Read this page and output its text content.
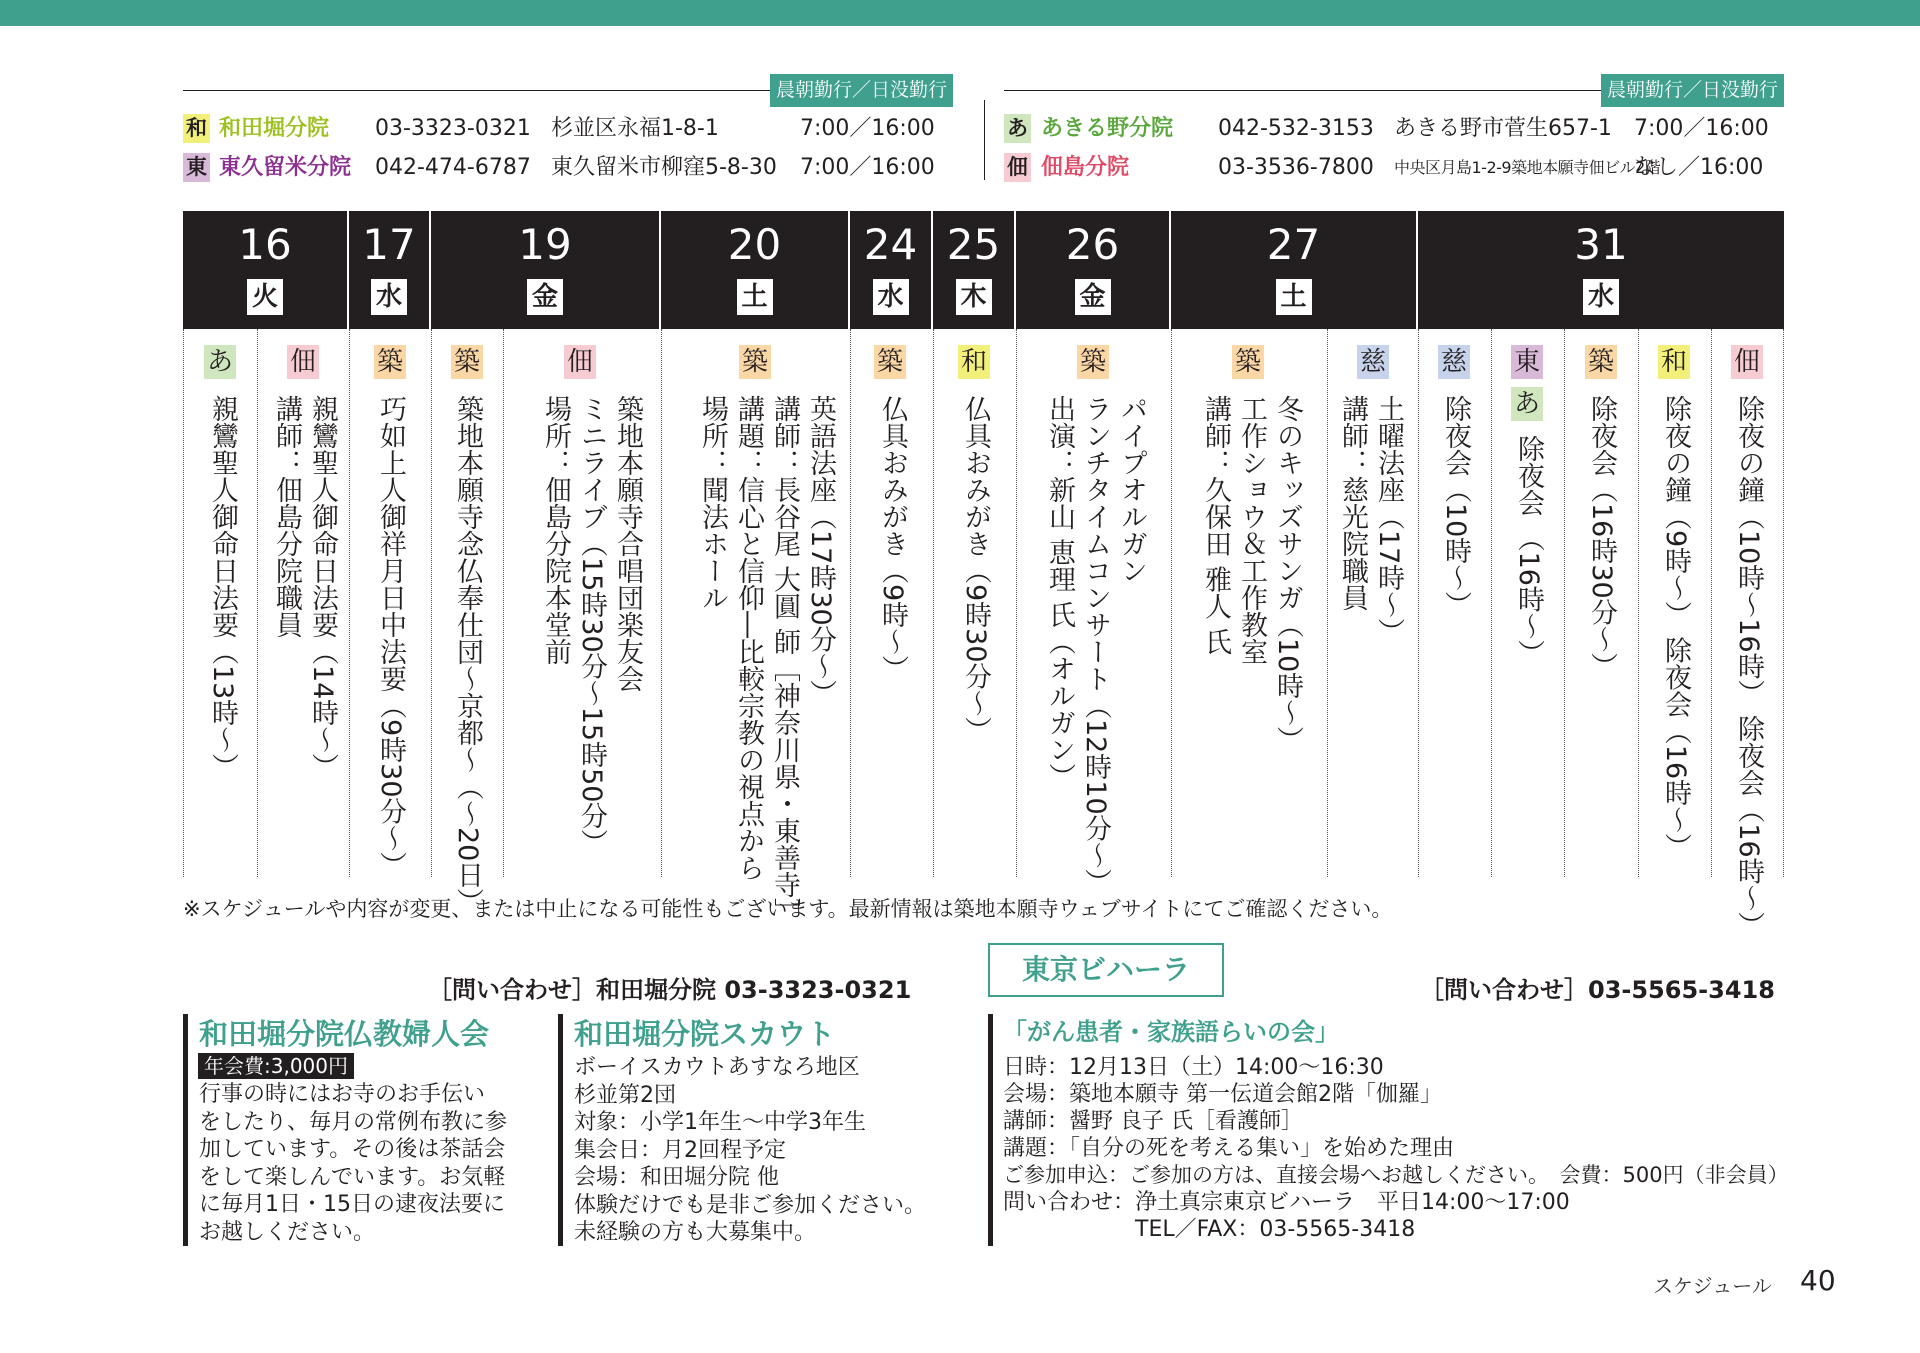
晨朝勤行／日没勤行
和 和田堀分院 03-3323-0321 杉並区永福1-8-1	7:00／16:00
東 東久留米分院 042-474-6787 東久留米市柳窪5-8-30 7:00／16:00
晨朝勤行／日没勤行
あ あきる野分院 042-532-3153 あきる野市菅生657-1 7:00／16:00
佃 佃島分院	03-3536-7800 中央区月島1-2-9築地本願寺佃ビル2階
なし／16:00
16
火
17
水
19
金
20
土
24
水
25
木
26
金
27
土
31
水
あ
親鸞聖人御命日法要（13時～）
佃
親鸞聖人御命日法要（14時～）
講師：佃島分院職員
築
巧如上人御祥月日中法要（9時30分～）
築
築地本願寺念仏奉仕団～京都～（～20日）
佃
築地本願寺合唱団楽友会
ミニライブ（15時30分～15時50分）
場所：佃島分院本堂前
築
英語法座（17時30分～）
講師：長谷尾 大圓 師［神奈川県・東善寺］
講題：信心と信仰―比較宗教の視点から
場所：聞法ホール
築
仏具おみがき（9時～）
和
仏具おみがき（9時30分～）
築
パイプオルガン
ランチタイムコンサート（12時10分～）
出演：新山 恵理 氏（オルガン）
築
冬のキッズサンガ（10時～）
工作ショウ＆工作教室
講師：久保田 雅人 氏
慈
土曜法座（17時～）
講師：慈光院職員
慈
除夜会（10時～）
東
あ
除夜会 （16時～）
築
除夜会（16時30分～）
和
除夜の鐘（9時～） 除夜会（16時～）
佃
除夜の鐘（10時～16時） 除夜会（16時～）
※スケジュールや内容が変更、または中止になる可能性もございます。最新情報は築地本願寺ウェブサイトにてご確認ください。
［問い合わせ］和田堀分院 03-3323-0321
東京ビハーラ
［問い合わせ］03-5565-3418
和田堀分院仏教婦人会
年会費:3,000円
行事の時にはお寺のお手伝い
をしたり、毎月の常例布教に参
加しています。その後は茶話会
をして楽しんでいます。お気軽
に毎月1日・15日の逮夜法要に
お越しください。
和田堀分院スカウト
ボーイスカウトあすなろ地区
杉並第2団
対象：小学1年生～中学3年生
集会日：月2回程予定
会場：和田堀分院 他
体験だけでも是非ご参加ください。
未経験の方も大募集中。
「がん患者・家族語らいの会」
日時：12月13日（土）14:00～16:30
会場：築地本願寺 第一伝道会館2階「伽羅」
講師：醤野 良子 氏［看護師］
講題：「自分の死を考える集い」を始めた理由
ご参加申込：ご参加の方は、直接会場へお越しください。　会費：500円（非会員）
問い合わせ：浄土真宗東京ビハーラ　平日14:00～17:00
　　　　　　TEL／FAX：03-5565-3418
スケジュール 40
